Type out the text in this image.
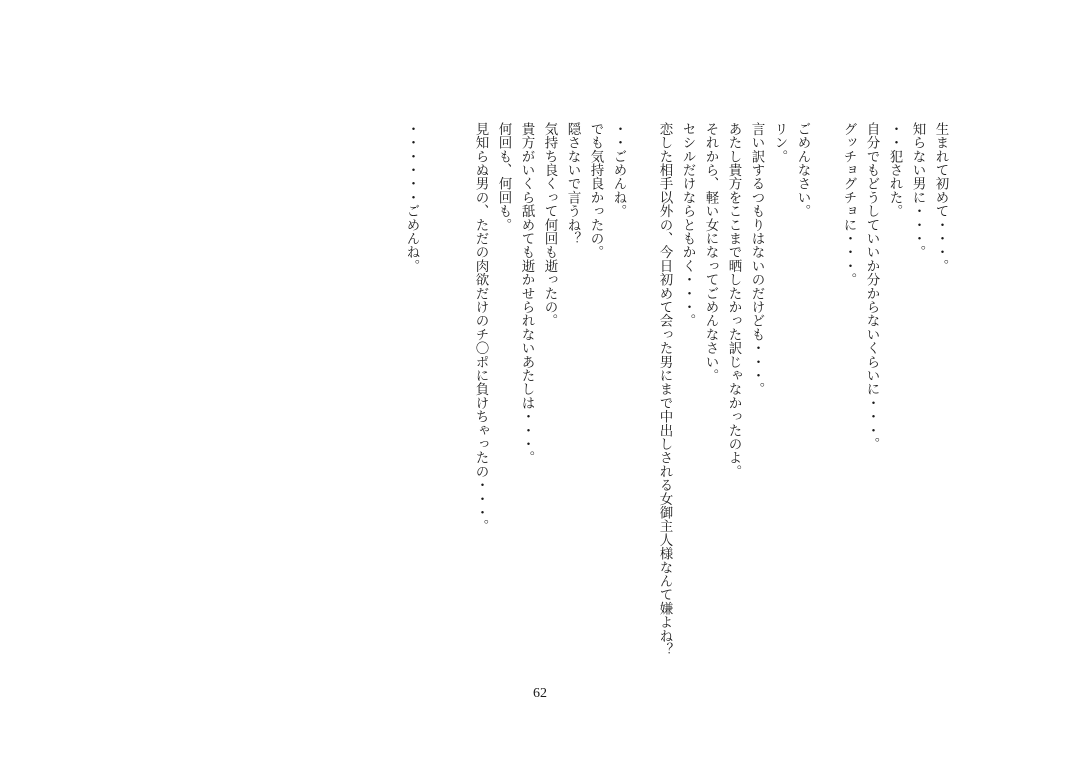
生まれて初めて・・・。
知らない男に・・・。
・・犯された。
自分でもどうしていいか分からないくらいに・・・。
グッチョグチョに・・・。
ごめんなさい。
リン。
言い訳するつもりはないのだけども・・・。
あたし貴方をここまで晒したかった訳じゃなかったのよ。
それから、軽い女になってごめんなさい。
セシルだけならともかく・・・。
恋した相手以外の、今日初めて会った男にまで中出しされる女御主人様なんて嫌よね？
・・ごめんね。
でも気持良かったの。
隠さないで言うね？
気持ち良くって何回も逝ったの。
貴方がいくら舐めても逝かせられないあたしは・・・。
何回も、何回も。
見知らぬ男の、ただの肉欲だけのチ〇ポに負けちゃったの・・・。
・・・・・・ごめんね。
62
